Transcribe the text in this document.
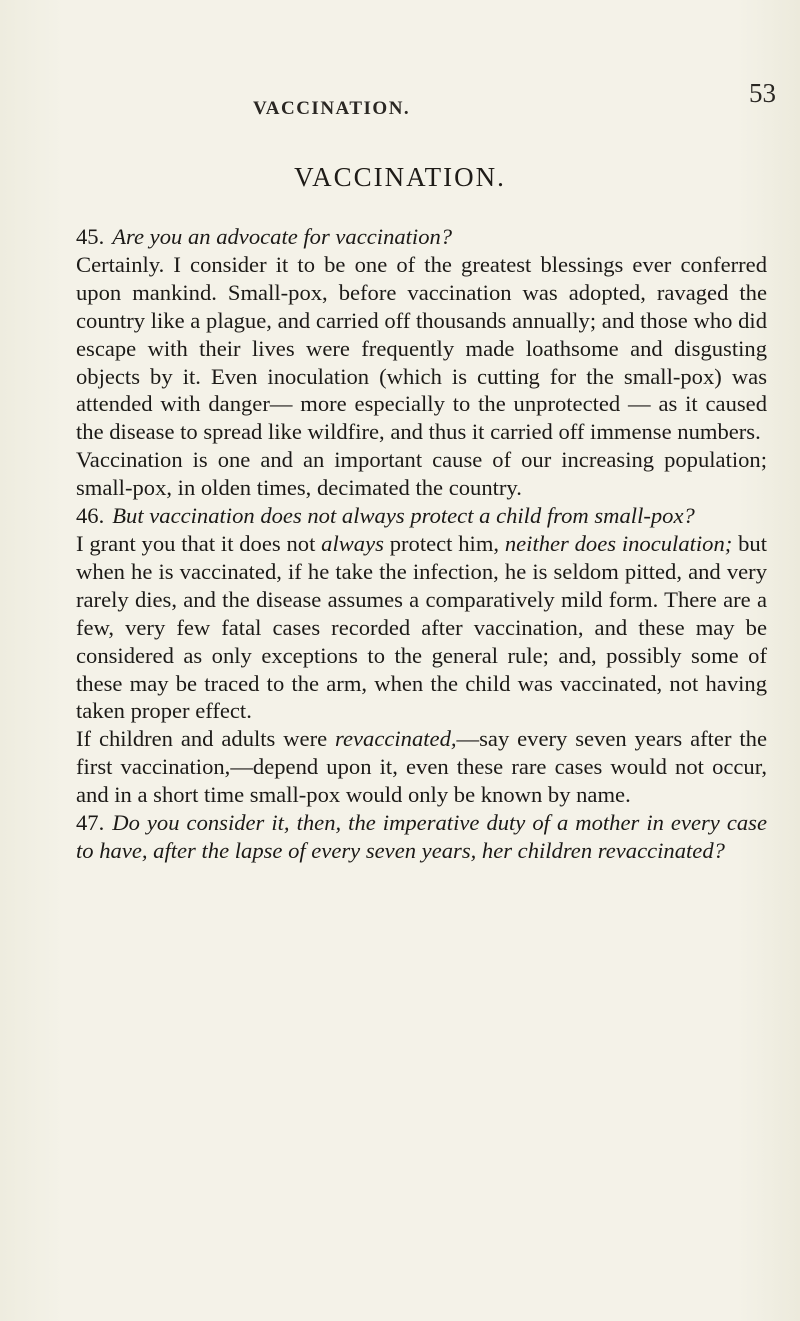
VACCINATION.
53
VACCINATION.

45. Are you an advocate for vaccination?

Certainly. I consider it to be one of the greatest blessings ever conferred upon mankind. Small-pox, before vaccination was adopted, ravaged the country like a plague, and carried off thousands annually; and those who did escape with their lives were frequently made loathsome and disgusting objects by it. Even inoculation (which is cutting for the small-pox) was attended with danger— more especially to the unprotected — as it caused the disease to spread like wildfire, and thus it carried off immense numbers.

Vaccination is one and an important cause of our increasing population; small-pox, in olden times, decimated the country.

46. But vaccination does not always protect a child from small-pox?

I grant you that it does not always protect him, neither does inoculation; but when he is vaccinated, if he take the infection, he is seldom pitted, and very rarely dies, and the disease assumes a comparatively mild form. There are a few, very few fatal cases recorded after vaccination, and these may be considered as only exceptions to the general rule; and, possibly some of these may be traced to the arm, when the child was vaccinated, not having taken proper effect.

If children and adults were revaccinated,—say every seven years after the first vaccination,—depend upon it, even these rare cases would not occur, and in a short time small-pox would only be known by name.

47. Do you consider it, then, the imperative duty of a mother in every case to have, after the lapse of every seven years, her children revaccinated?
